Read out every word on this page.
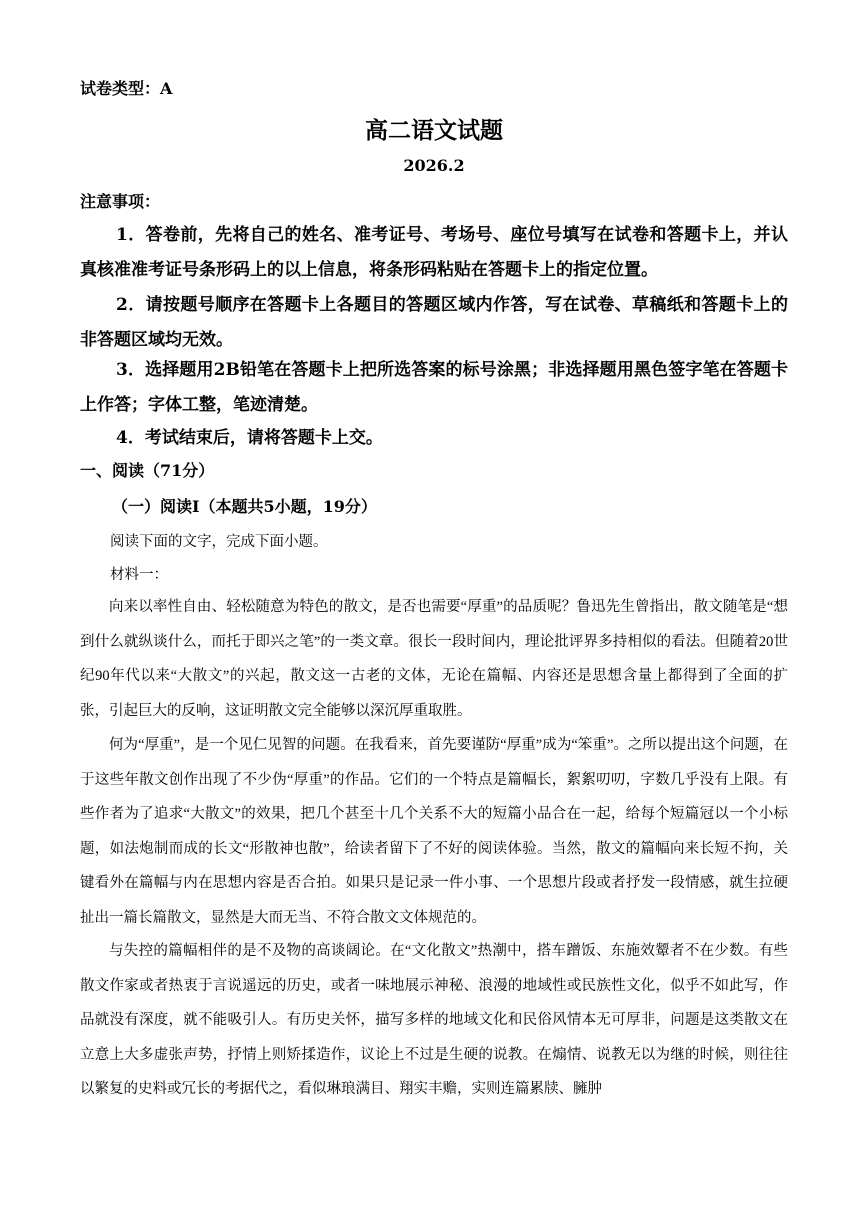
试卷类型：A
高二语文试题
2026.2
注意事项：
1．答卷前，先将自己的姓名、准考证号、考场号、座位号填写在试卷和答题卡上，并认真核准准考证号条形码上的以上信息，将条形码粘贴在答题卡上的指定位置。
2．请按题号顺序在答题卡上各题目的答题区域内作答，写在试卷、草稿纸和答题卡上的非答题区域均无效。
3．选择题用2B铅笔在答题卡上把所选答案的标号涂黑；非选择题用黑色签字笔在答题卡上作答；字体工整，笔迹清楚。
4．考试结束后，请将答题卡上交。
一、阅读（71分）
（一）阅读Ⅰ（本题共5小题，19分）
阅读下面的文字，完成下面小题。
材料一：
向来以率性自由、轻松随意为特色的散文，是否也需要“厚重”的品质呢？鲁迅先生曾指出，散文随笔是“想到什么就纵谈什么，而托于即兴之笔”的一类文章。很长一段时间内，理论批评界多持相似的看法。但随着20世纪90年代以来“大散文”的兴起，散文这一古老的文体，无论在篇幅、内容还是思想含量上都得到了全面的扩张，引起巨大的反响，这证明散文完全能够以深沉厚重取胜。
何为“厚重”，是一个见仁见智的问题。在我看来，首先要谨防“厚重”成为“笨重”。之所以提出这个问题，在于这些年散文创作出现了不少伪“厚重”的作品。它们的一个特点是篇幅长，絮絮叨叨，字数几乎没有上限。有些作者为了追求“大散文”的效果，把几个甚至十几个关系不大的短篇小品合在一起，给每个短篇冠以一个小标题，如法炮制而成的长文“形散神也散”，给读者留下了不好的阅读体验。当然，散文的篇幅向来长短不拘，关键看外在篇幅与内在思想内容是否合拍。如果只是记录一件小事、一个思想片段或者抒发一段情感，就生拉硬扯出一篇长篇散文，显然是大而无当、不符合散文文体规范的。
与失控的篇幅相伴的是不及物的高谈阔论。在“文化散文”热潮中，搭车蹭饭、东施效颦者不在少数。有些散文作家或者热衷于言说遥远的历史，或者一味地展示神秘、浪漫的地域性或民族性文化，似乎不如此写，作品就没有深度，就不能吸引人。有历史关怀，描写多样的地域文化和民俗风情本无可厚非，问题是这类散文在立意上大多虚张声势，抒情上则矫揉造作，议论上不过是生硬的说教。在煽情、说教无以为继的时候，则往往以繁复的史料或冗长的考据代之，看似琳琅满目、翔实丰赡，实则连篇累牍、臃肿
